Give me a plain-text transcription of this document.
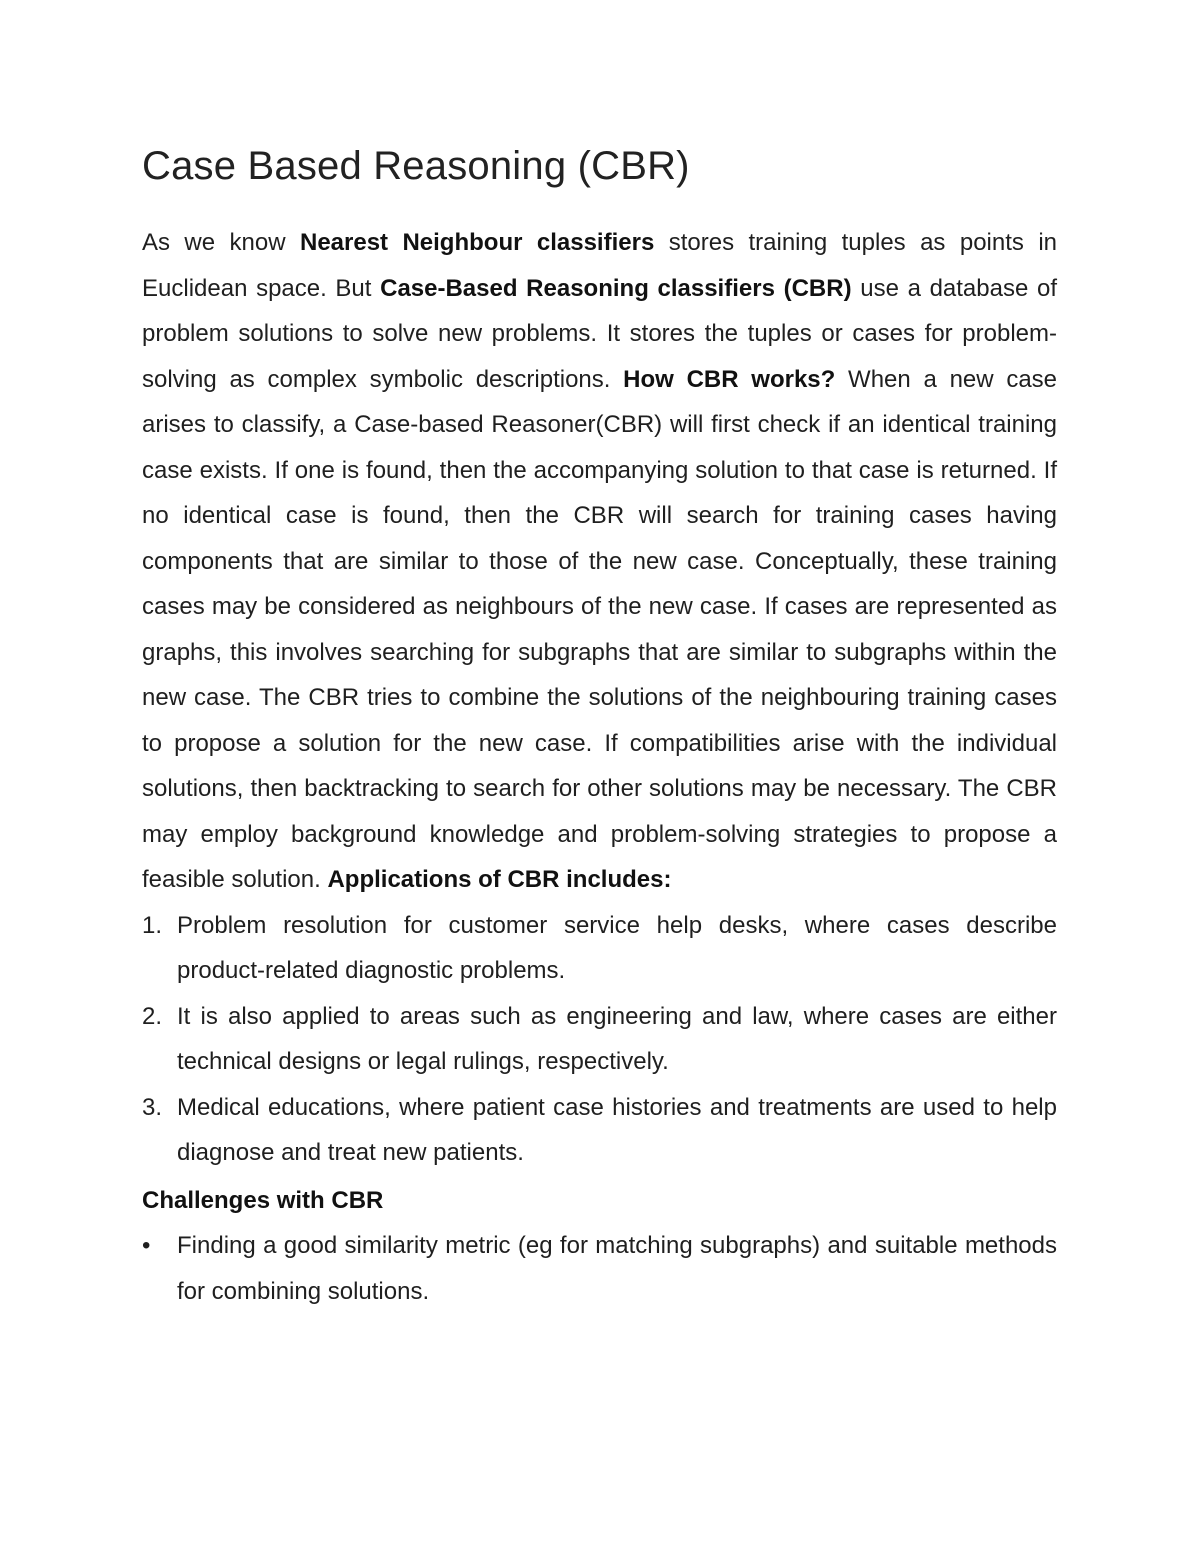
Case Based Reasoning (CBR)

As we know Nearest Neighbour classifiers stores training tuples as points in Euclidean space. But Case-Based Reasoning classifiers (CBR) use a database of problem solutions to solve new problems. It stores the tuples or cases for problem-solving as complex symbolic descriptions. How CBR works? When a new case arises to classify, a Case-based Reasoner(CBR) will first check if an identical training case exists. If one is found, then the accompanying solution to that case is returned. If no identical case is found, then the CBR will search for training cases having components that are similar to those of the new case. Conceptually, these training cases may be considered as neighbours of the new case. If cases are represented as graphs, this involves searching for subgraphs that are similar to subgraphs within the new case. The CBR tries to combine the solutions of the neighbouring training cases to propose a solution for the new case. If compatibilities arise with the individual solutions, then backtracking to search for other solutions may be necessary. The CBR may employ background knowledge and problem-solving strategies to propose a feasible solution. Applications of CBR includes:

1. Problem resolution for customer service help desks, where cases describe product-related diagnostic problems.
2. It is also applied to areas such as engineering and law, where cases are either technical designs or legal rulings, respectively.
3. Medical educations, where patient case histories and treatments are used to help diagnose and treat new patients.

Challenges with CBR

• Finding a good similarity metric (eg for matching subgraphs) and suitable methods for combining solutions.
